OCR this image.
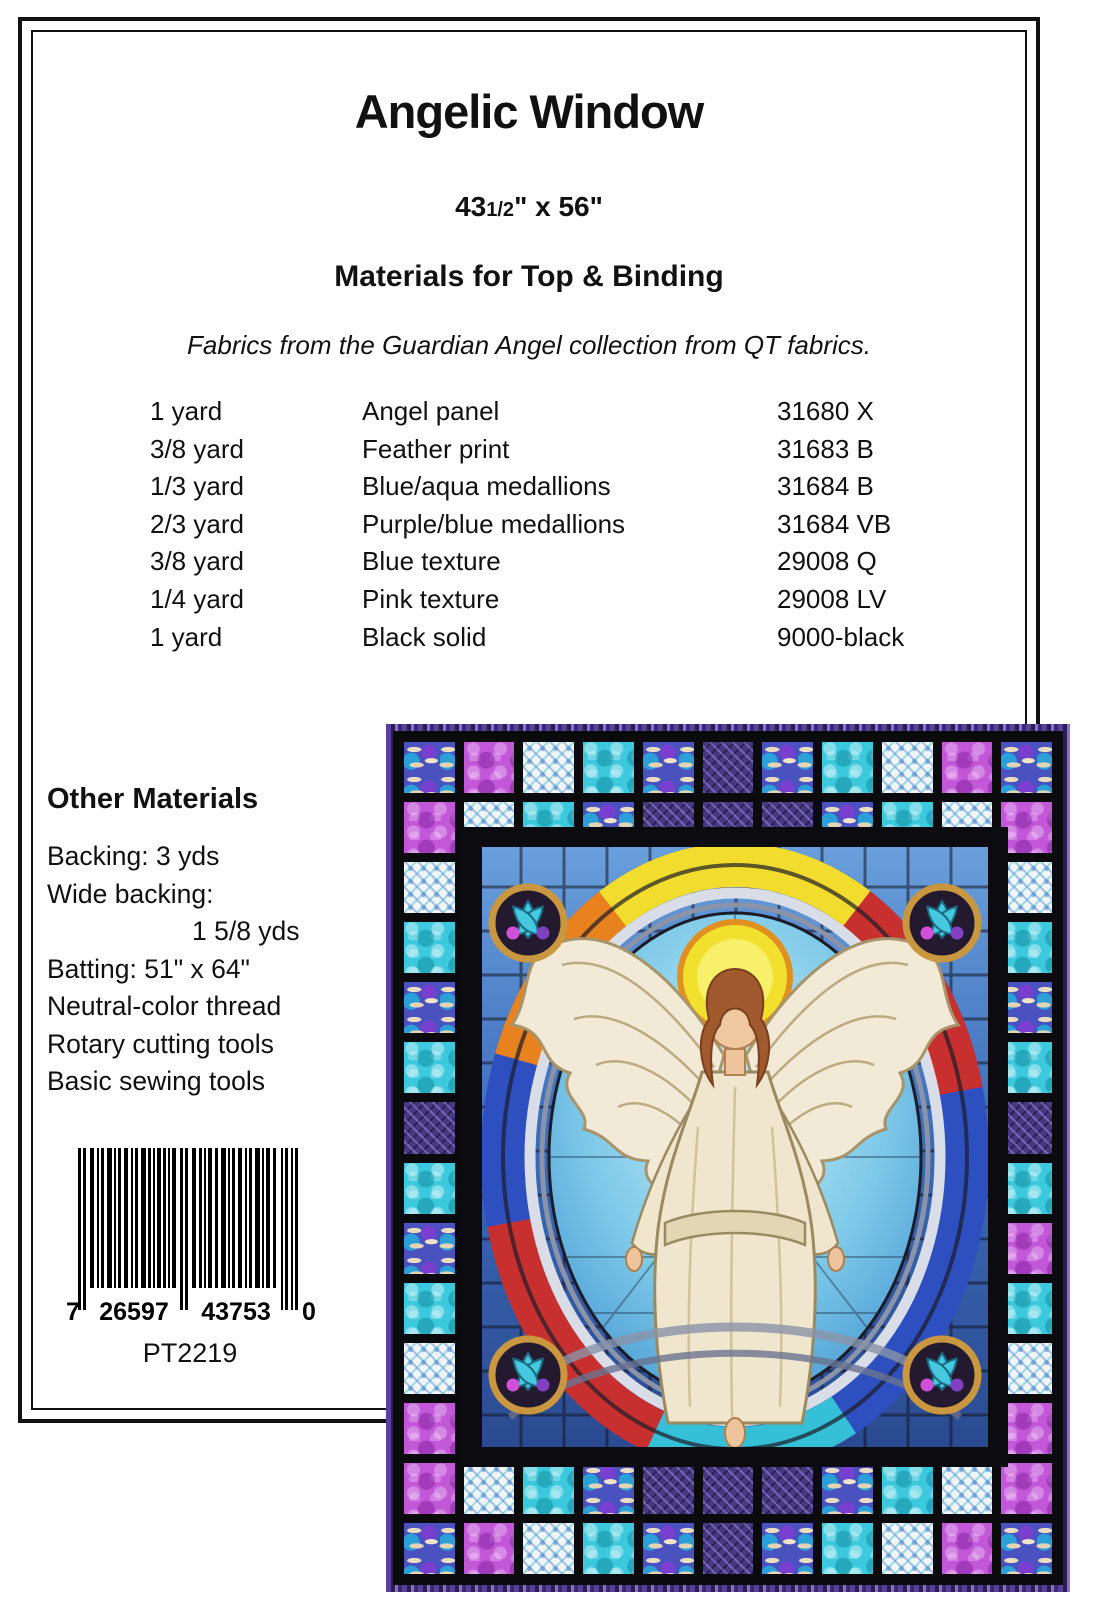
Angelic Window
431/2" x 56"
Materials for Top & Binding
Fabrics from the Guardian Angel collection from QT fabrics.
1 yard	Angel panel	31680 X
3/8 yard	Feather print	31683 B
1/3 yard	Blue/aqua medallions	31684 B
2/3 yard	Purple/blue medallions	31684 VB
3/8 yard	Blue texture	29008 Q
1/4 yard	Pink texture	29008 LV
1 yard	Black solid	9000-black
Other Materials
Backing: 3 yds
Wide backing:
1 5/8 yds
Batting: 51" x 64"
Neutral-color thread
Rotary cutting tools
Basic sewing tools
7 26597 43753 0
PT2219
